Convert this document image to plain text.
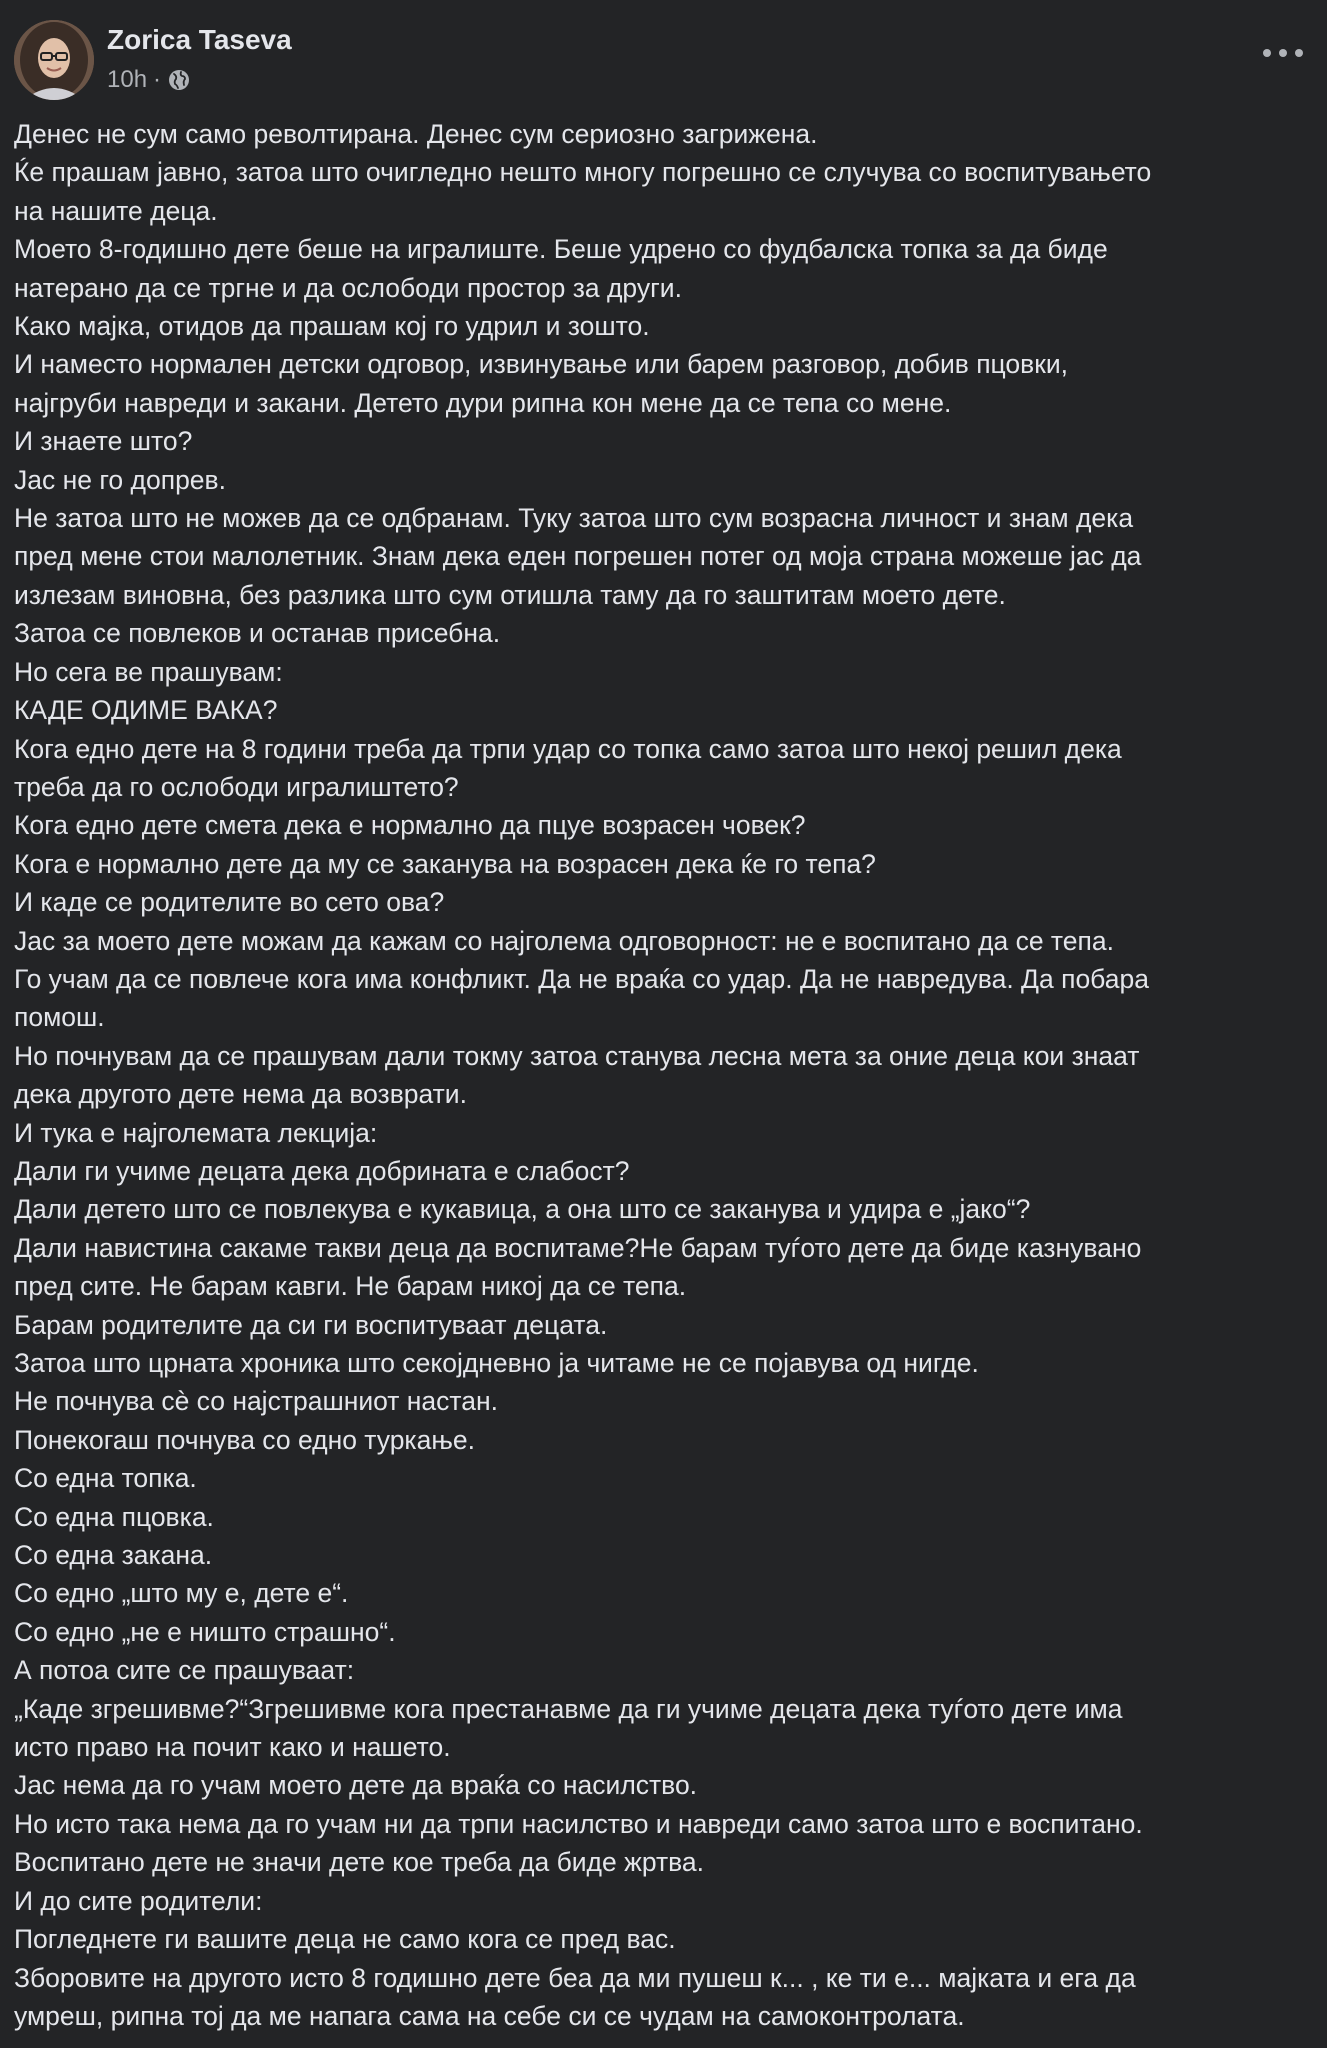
Zorica Taseva
10h ·
Денес не сум само револтирана. Денес сум сериозно загрижена.
Ќе прашам јавно, затоа што очигледно нешто многу погрешно се случува со воспитувањето
на нашите деца.
Моето 8-годишно дете беше на игралиште. Беше удрено со фудбалска топка за да биде
натерано да се тргне и да ослободи простор за други.
Како мајка, отидов да прашам кој го удрил и зошто.
И наместо нормален детски одговор, извинување или барем разговор, добив пцовки,
најгруби навреди и закани. Детето дури рипна кон мене да се тепа со мене.
И знаете што?
Јас не го допрев.
Не затоа што не можев да се одбранам. Туку затоа што сум возрасна личност и знам дека
пред мене стои малолетник. Знам дека еден погрешен потег од моја страна можеше јас да
излезам виновна, без разлика што сум отишла таму да го заштитам моето дете.
Затоа се повлеков и останав присебна.
Но сега ве прашувам:
КАДЕ ОДИМЕ ВАКА?
Кога едно дете на 8 години треба да трпи удар со топка само затоа што некој решил дека
треба да го ослободи игралиштето?
Кога едно дете смета дека е нормално да пцуе возрасен човек?
Кога е нормално дете да му се заканува на возрасен дека ќе го тепа?
И каде се родителите во сето ова?
Јас за моето дете можам да кажам со најголема одговорност: не е воспитано да се тепа.
Го учам да се повлече кога има конфликт. Да не враќа со удар. Да не навредува. Да побара
помош.
Но почнувам да се прашувам дали токму затоа станува лесна мета за оние деца кои знаат
дека другото дете нема да возврати.
И тука е најголемата лекција:
Дали ги учиме децата дека добрината е слабост?
Дали детето што се повлекува е кукавица, а она што се заканува и удира е „јако“?
Дали навистина сакаме такви деца да воспитаме?Не барам туѓото дете да биде казнувано
пред сите. Не барам кавги. Не барам никој да се тепа.
Барам родителите да си ги воспитуваат децата.
Затоа што црната хроника што секојдневно ја читаме не се појавува од нигде.
Не почнува сѐ со најстрашниот настан.
Понекогаш почнува со едно туркање.
Со една топка.
Со една пцовка.
Со една закана.
Со едно „што му е, дете е“.
Со едно „не е ништо страшно“.
А потоа сите се прашуваат:
„Каде згрешивме?“Згрешивме кога престанавме да ги учиме децата дека туѓото дете има
исто право на почит како и нашето.
Јас нема да го учам моето дете да враќа со насилство.
Но исто така нема да го учам ни да трпи насилство и навреди само затоа што е воспитано.
Воспитано дете не значи дете кое треба да биде жртва.
И до сите родители:
Погледнете ги вашите деца не само кога се пред вас.
Зборовите на другото исто 8 годишно дете беа да ми пушеш к... , ке ти е... мајката и ега да
умреш, рипна тој да ме напага сама на себе си се чудам на самоконтролата.
